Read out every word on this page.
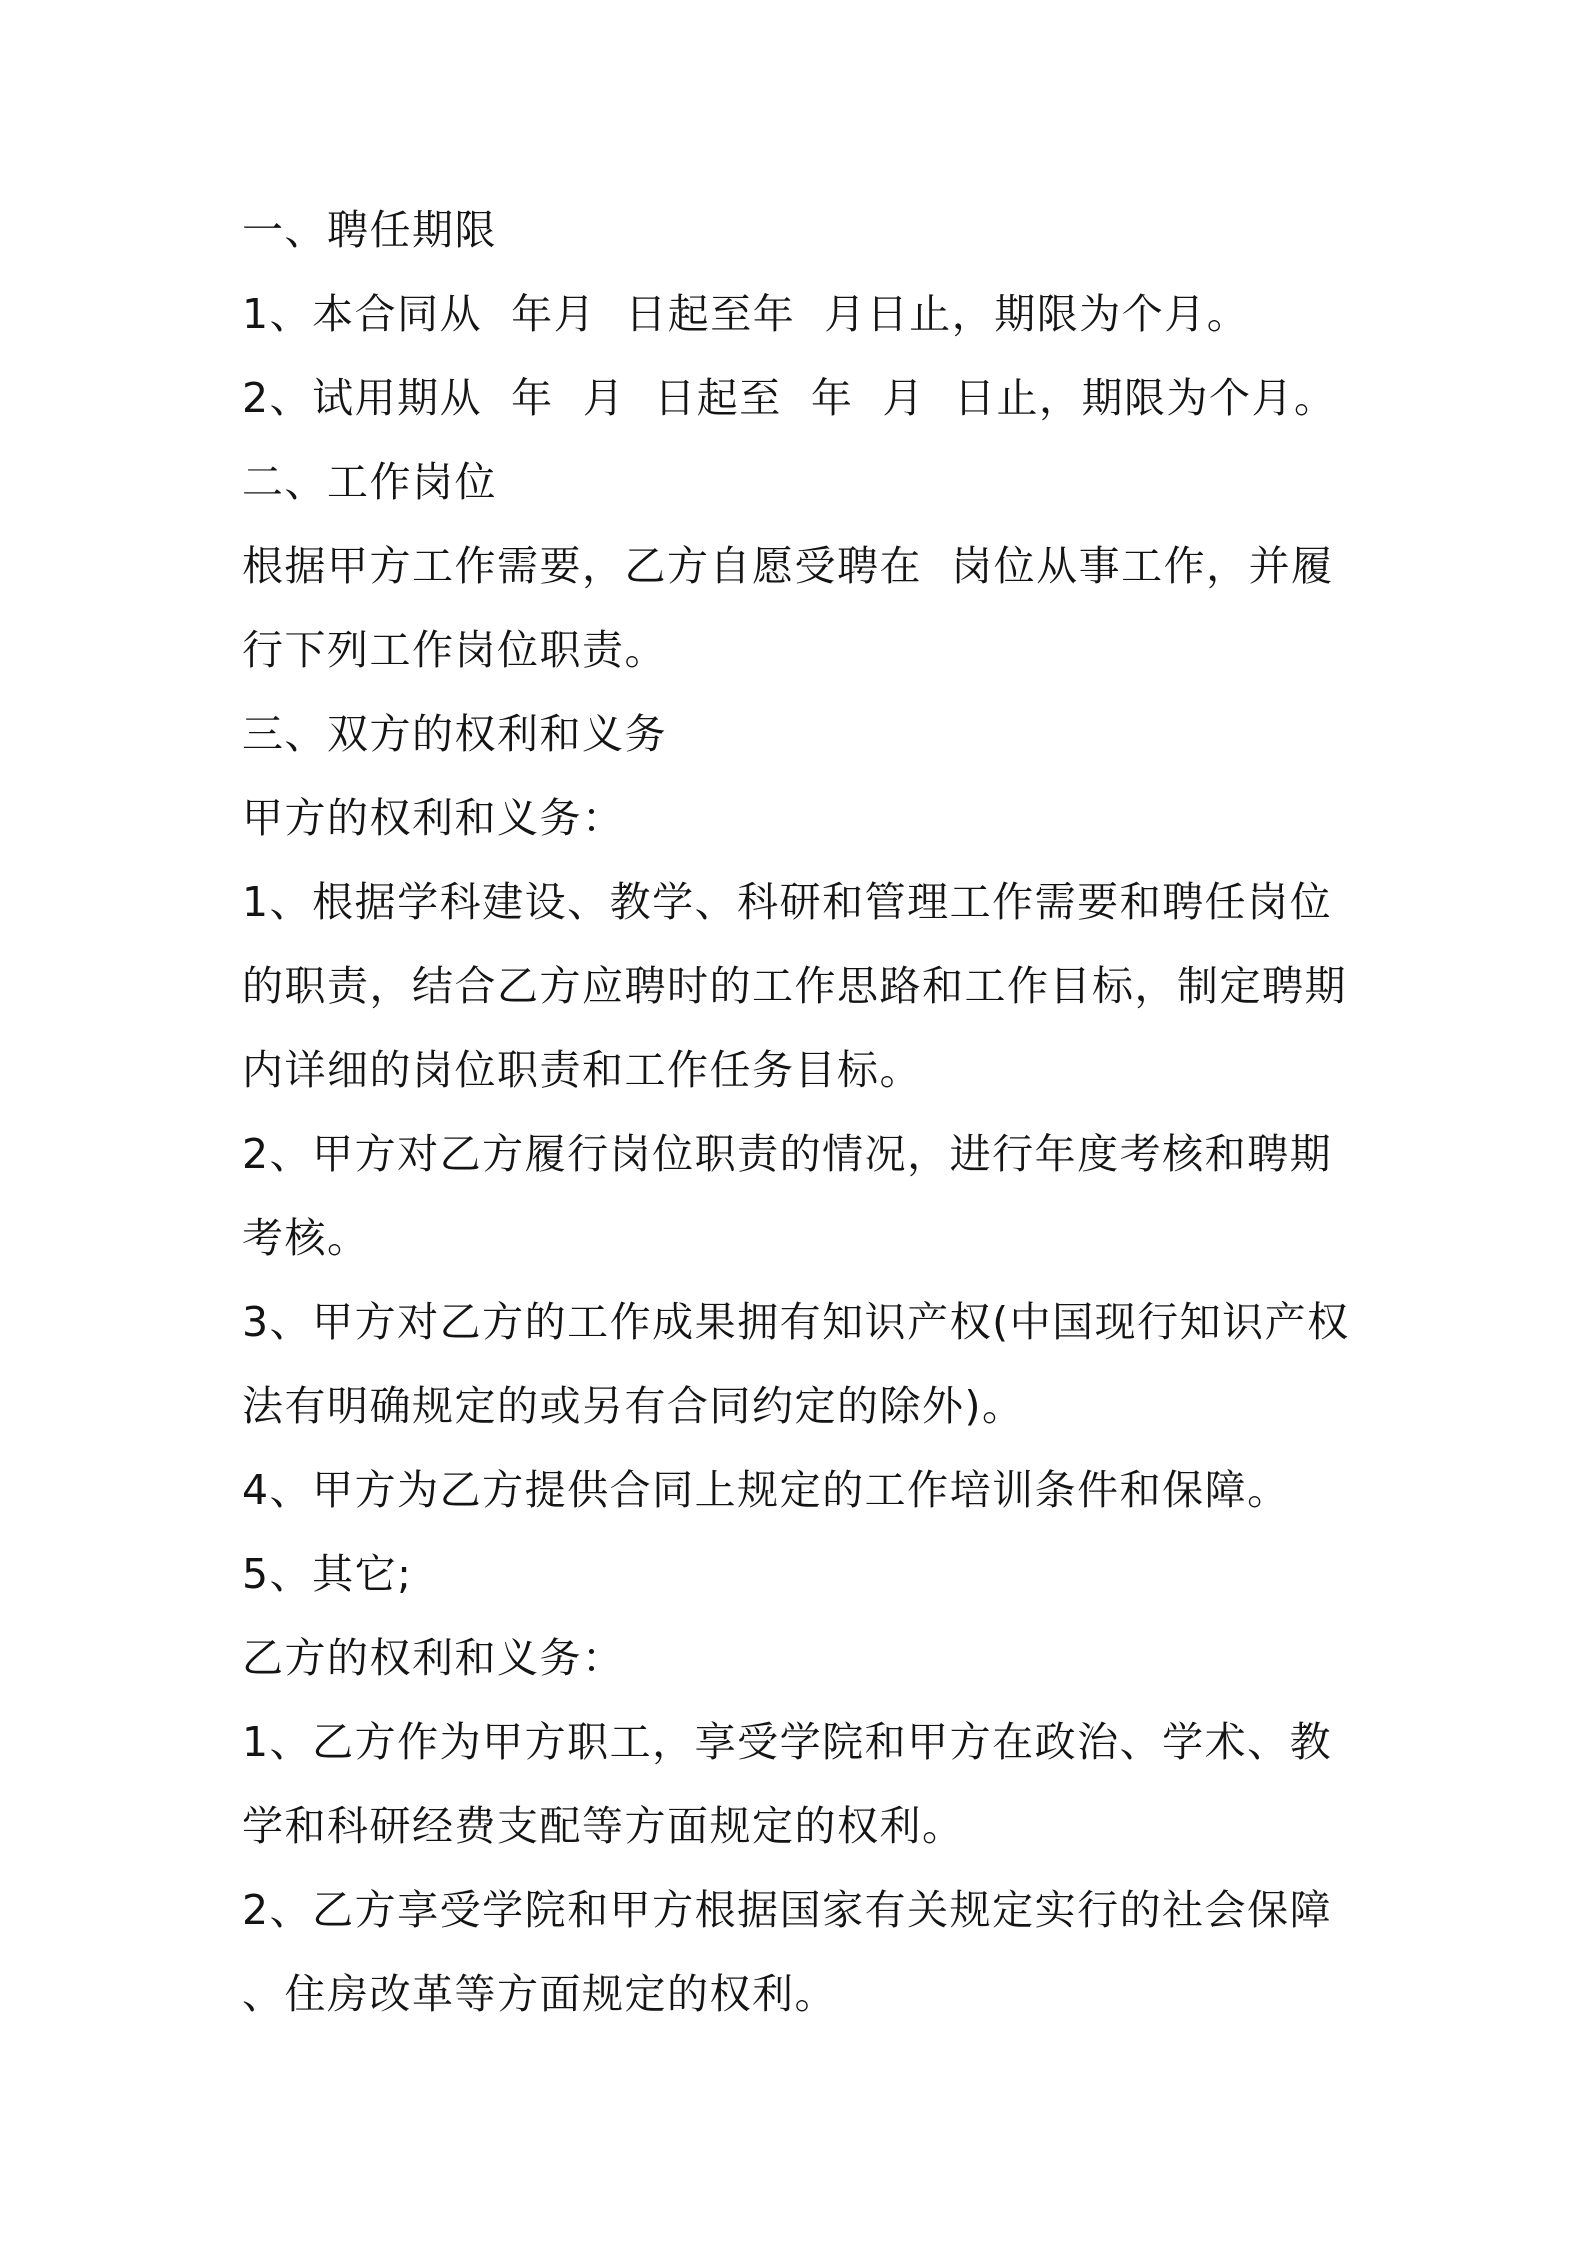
一、聘任期限
1、本合同从  年月  日起至年  月日止，期限为个月。
2、试用期从  年  月  日起至  年  月  日止，期限为个月。
二、工作岗位
根据甲方工作需要，乙方自愿受聘在  岗位从事工作，并履
行下列工作岗位职责。
三、双方的权利和义务
甲方的权利和义务：
1、根据学科建设、教学、科研和管理工作需要和聘任岗位
的职责，结合乙方应聘时的工作思路和工作目标，制定聘期
内详细的岗位职责和工作任务目标。
2、甲方对乙方履行岗位职责的情况，进行年度考核和聘期
考核。
3、甲方对乙方的工作成果拥有知识产权(中国现行知识产权
法有明确规定的或另有合同约定的除外)。
4、甲方为乙方提供合同上规定的工作培训条件和保障。
5、其它;
乙方的权利和义务：
1、乙方作为甲方职工，享受学院和甲方在政治、学术、教
学和科研经费支配等方面规定的权利。
2、乙方享受学院和甲方根据国家有关规定实行的社会保障
、住房改革等方面规定的权利。
